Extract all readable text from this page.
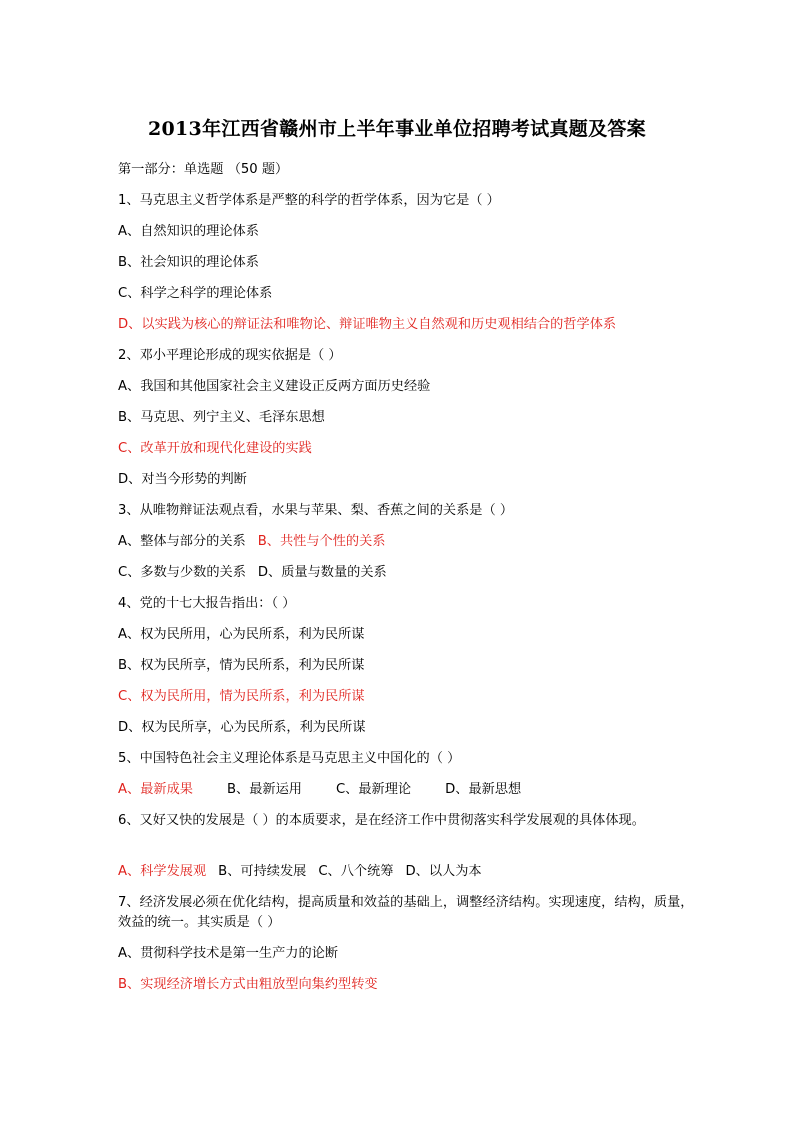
2013年江西省赣州市上半年事业单位招聘考试真题及答案
第一部分：单选题 （50 题）
1、马克思主义哲学体系是严整的科学的哲学体系，因为它是（ ）
A、自然知识的理论体系
B、社会知识的理论体系
C、科学之科学的理论体系
D、以实践为核心的辩证法和唯物论、辩证唯物主义自然观和历史观相结合的哲学体系
2、邓小平理论形成的现实依据是（ ）
A、我国和其他国家社会主义建设正反两方面历史经验
B、马克思、列宁主义、毛泽东思想
C、改革开放和现代化建设的实践
D、对当今形势的判断
3、从唯物辩证法观点看，水果与苹果、梨、香蕉之间的关系是（ ）
A、整体与部分的关系 B、共性与个性的关系
C、多数与少数的关系 D、质量与数量的关系
4、党的十七大报告指出：（ ）
A、权为民所用，心为民所系，利为民所谋
B、权为民所享，情为民所系，利为民所谋
C、权为民所用，情为民所系，利为民所谋
D、权为民所享，心为民所系，利为民所谋
5、中国特色社会主义理论体系是马克思主义中国化的（ ）
A、最新成果	B、最新运用	C、最新理论	D、最新思想
6、又好又快的发展是（ ）的本质要求，是在经济工作中贯彻落实科学发展观的具体体现。
A、科学发展观 B、可持续发展 C、八个统筹 D、以人为本
7、经济发展必须在优化结构，提高质量和效益的基础上，调整经济结构。实现速度，结构，质量，效益的统一。其实质是（ ）
A、贯彻科学技术是第一生产力的论断
B、实现经济增长方式由粗放型向集约型转变
